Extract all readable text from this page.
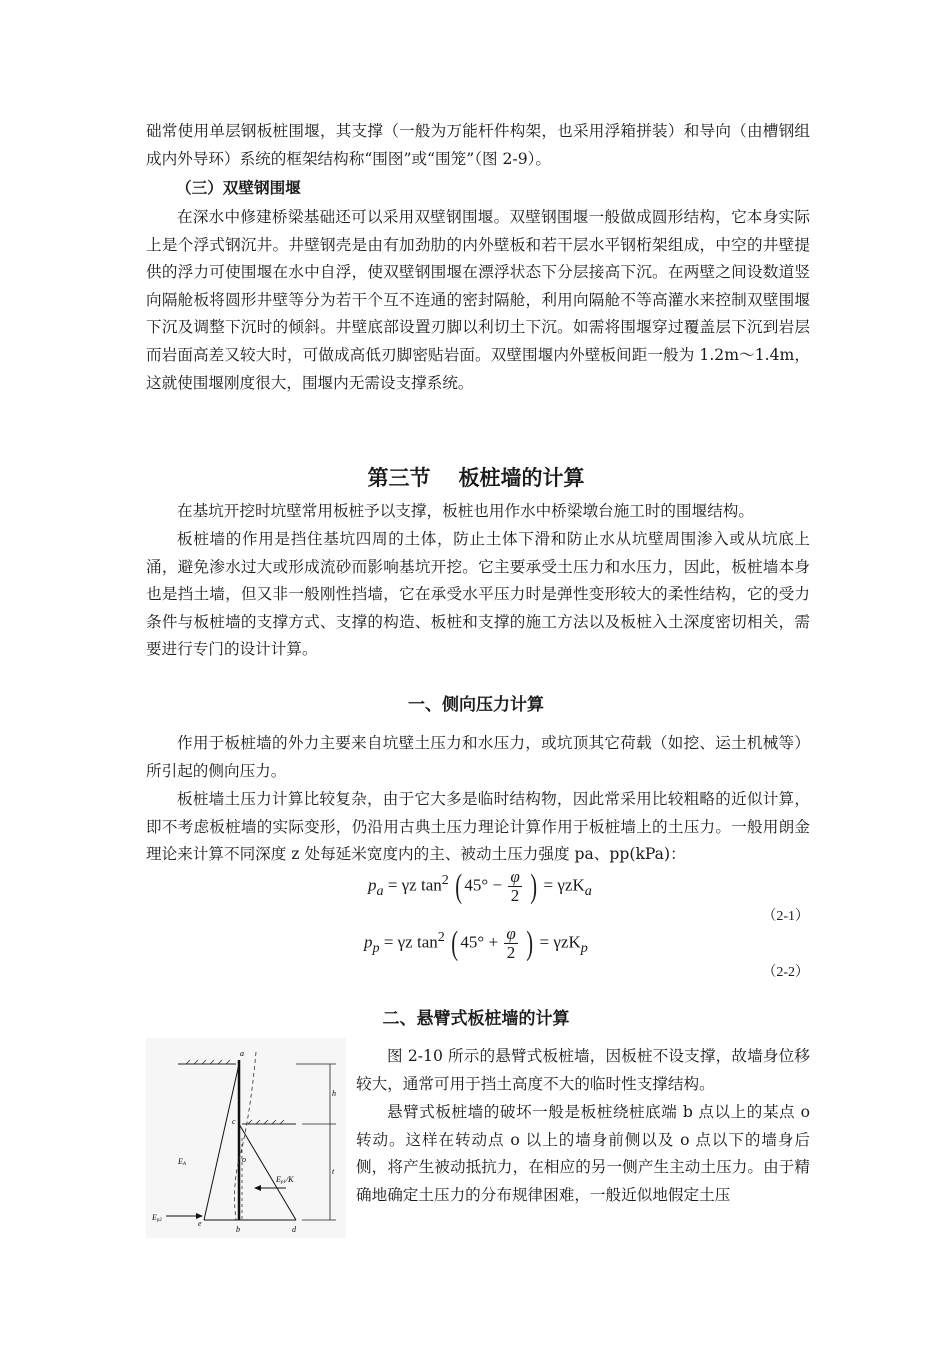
础常使用单层钢板桩围堰，其支撑（一般为万能杆件构架，也采用浮箱拼装）和导向（由槽钢组成内外导环）系统的框架结构称“围囹”或“围笼”（图 2-9）。

（三）双壁钢围堰

在深水中修建桥梁基础还可以采用双壁钢围堰。双壁钢围堰一般做成圆形结构，它本身实际上是个浮式钢沉井。井壁钢壳是由有加劲肋的内外壁板和若干层水平钢桁架组成，中空的井壁提供的浮力可使围堰在水中自浮，使双壁钢围堰在漂浮状态下分层接高下沉。在两壁之间设数道竖向隔舱板将圆形井壁等分为若干个互不连通的密封隔舱，利用向隔舱不等高灌水来控制双壁围堰下沉及调整下沉时的倾斜。井壁底部设置刃脚以利切土下沉。如需将围堰穿过覆盖层下沉到岩层而岩面高差又较大时，可做成高低刃脚密贴岩面。双壁围堰内外壁板间距一般为 1.2m～1.4m，这就使围堰刚度很大，围堰内无需设支撑系统。

第三节 板桩墙的计算

在基坑开挖时坑壁常用板桩予以支撑，板桩也用作水中桥梁墩台施工时的围堰结构。

板桩墙的作用是挡住基坑四周的土体，防止土体下滑和防止水从坑壁周围渗入或从坑底上涌，避免渗水过大或形成流砂而影响基坑开挖。它主要承受土压力和水压力，因此，板桩墙本身也是挡土墙，但又非一般刚性挡墙，它在承受水平压力时是弹性变形较大的柔性结构，它的受力条件与板桩墙的支撑方式、支撑的构造、板桩和支撑的施工方法以及板桩入土深度密切相关，需要进行专门的设计计算。

一、侧向压力计算

作用于板桩墙的外力主要来自坑壁土压力和水压力，或坑顶其它荷载（如挖、运土机械等）所引起的侧向压力。

板桩墙土压力计算比较复杂，由于它大多是临时结构物，因此常采用比较粗略的近似计算，即不考虑板桩墙的实际变形，仍沿用古典土压力理论计算作用于板桩墙上的土压力。一般用朗金理论来计算不同深度 z 处每延米宽度内的主、被动土压力强度 pa、pp(kPa)：

$p_a = \gamma z$ $\tan^2$ ( $45^\circ - \frac{\varphi}{2}$ ) = γzK$_a$
（2-1）
$p_p = \gamma z$ $\tan^2$ ( $45^\circ + \frac{\varphi}{2}$ ) = γzK$_p$
（2-2）
二、悬臂式板桩墙的计算
a
c
o
b	d
e
h
t
EA
Ep1/K
Ep2

图 2-10 所示的悬臂式板桩墙，因板桩不设支撑，故墙身位移较大，通常可用于挡土高度不大的临时性支撑结构。

悬臂式板桩墙的破坏一般是板桩绕桩底端 b 点以上的某点 o 转动。这样在转动点 o 以上的墙身前侧以及 o 点以下的墙身后侧，将产生被动抵抗力，在相应的另一侧产生主动土压力。由于精确地确定土压力的分布规律困难，一般近似地假定土压
